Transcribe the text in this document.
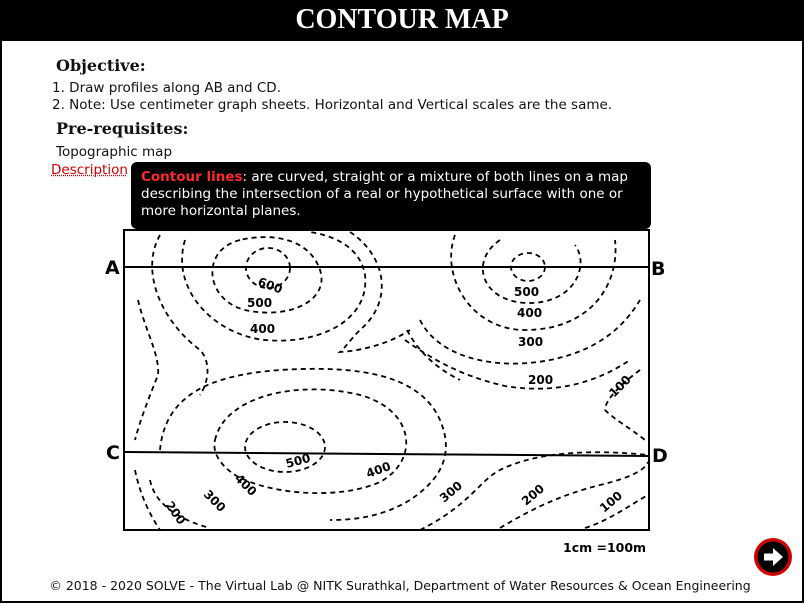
CONTOUR MAP
Objective:
1. Draw profiles along AB and CD.
2. Note: Use centimeter graph sheets. Horizontal and Vertical scales are the same.
Pre-requisites:
Topographic map
Description
600
500
400
500
400
300
200	100
500
400
400
300
200
300	200	100
A	B
C	D
1cm =100m
Contour lines: are curved, straight or a mixture of both lines on a map describing the intersection of a real or hypothetical surface with one or more horizontal planes.
© 2018 - 2020 SOLVE - The Virtual Lab @ NITK Surathkal, Department of Water Resources & Ocean Engineering
